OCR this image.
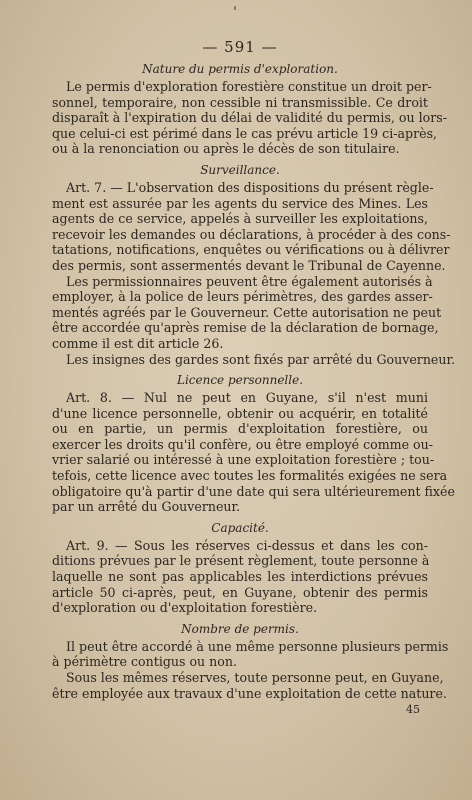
— 591 —
Nature du permis d'exploration.

Le permis d'exploration forestière constitue un droit per-
sonnel, temporaire, non cessible ni transmissible. Ce droit
disparaît à l'expiration du délai de validité du permis, ou lors-
que celui-ci est périmé dans le cas prévu article 19 ci-après,
ou à la renonciation ou après le décès de son titulaire.

Surveillance.

Art. 7. — L'observation des dispositions du présent règle-
ment est assurée par les agents du service des Mines. Les
agents de ce service, appelés à surveiller les exploitations,
recevoir les demandes ou déclarations, à procéder à des cons-
tatations, notifications, enquêtes ou vérifications ou à délivrer
des permis, sont assermentés devant le Tribunal de Cayenne.

Les permissionnaires peuvent être également autorisés à
employer, à la police de leurs périmètres, des gardes asser-
mentés agréés par le Gouverneur. Cette autorisation ne peut
être accordée qu'après remise de la déclaration de bornage,
comme il est dit article 26.

Les insignes des gardes sont fixés par arrêté du Gouverneur.

Licence personnelle.

Art. 8. — Nul ne peut en Guyane, s'il n'est muni
d'une licence personnelle, obtenir ou acquérir, en totalité
ou en partie, un permis d'exploitation forestière, ou
exercer les droits qu'il confère, ou être employé comme ou-
vrier salarié ou intéressé à une exploitation forestière ; tou-
tefois, cette licence avec toutes les formalités exigées ne sera
obligatoire qu'à partir d'une date qui sera ultérieurement fixée
par un arrêté du Gouverneur.

Capacité.

Art. 9. — Sous les réserves ci-dessus et dans les con-
ditions prévues par le présent règlement, toute personne à
laquelle ne sont pas applicables les interdictions prévues
article 50 ci-après, peut, en Guyane, obtenir des permis
d'exploration ou d'exploitation forestière.

Nombre de permis.

Il peut être accordé à une même personne plusieurs permis
à périmètre contigus ou non.

Sous les mêmes réserves, toute personne peut, en Guyane,
être employée aux travaux d'une exploitation de cette nature.

45
